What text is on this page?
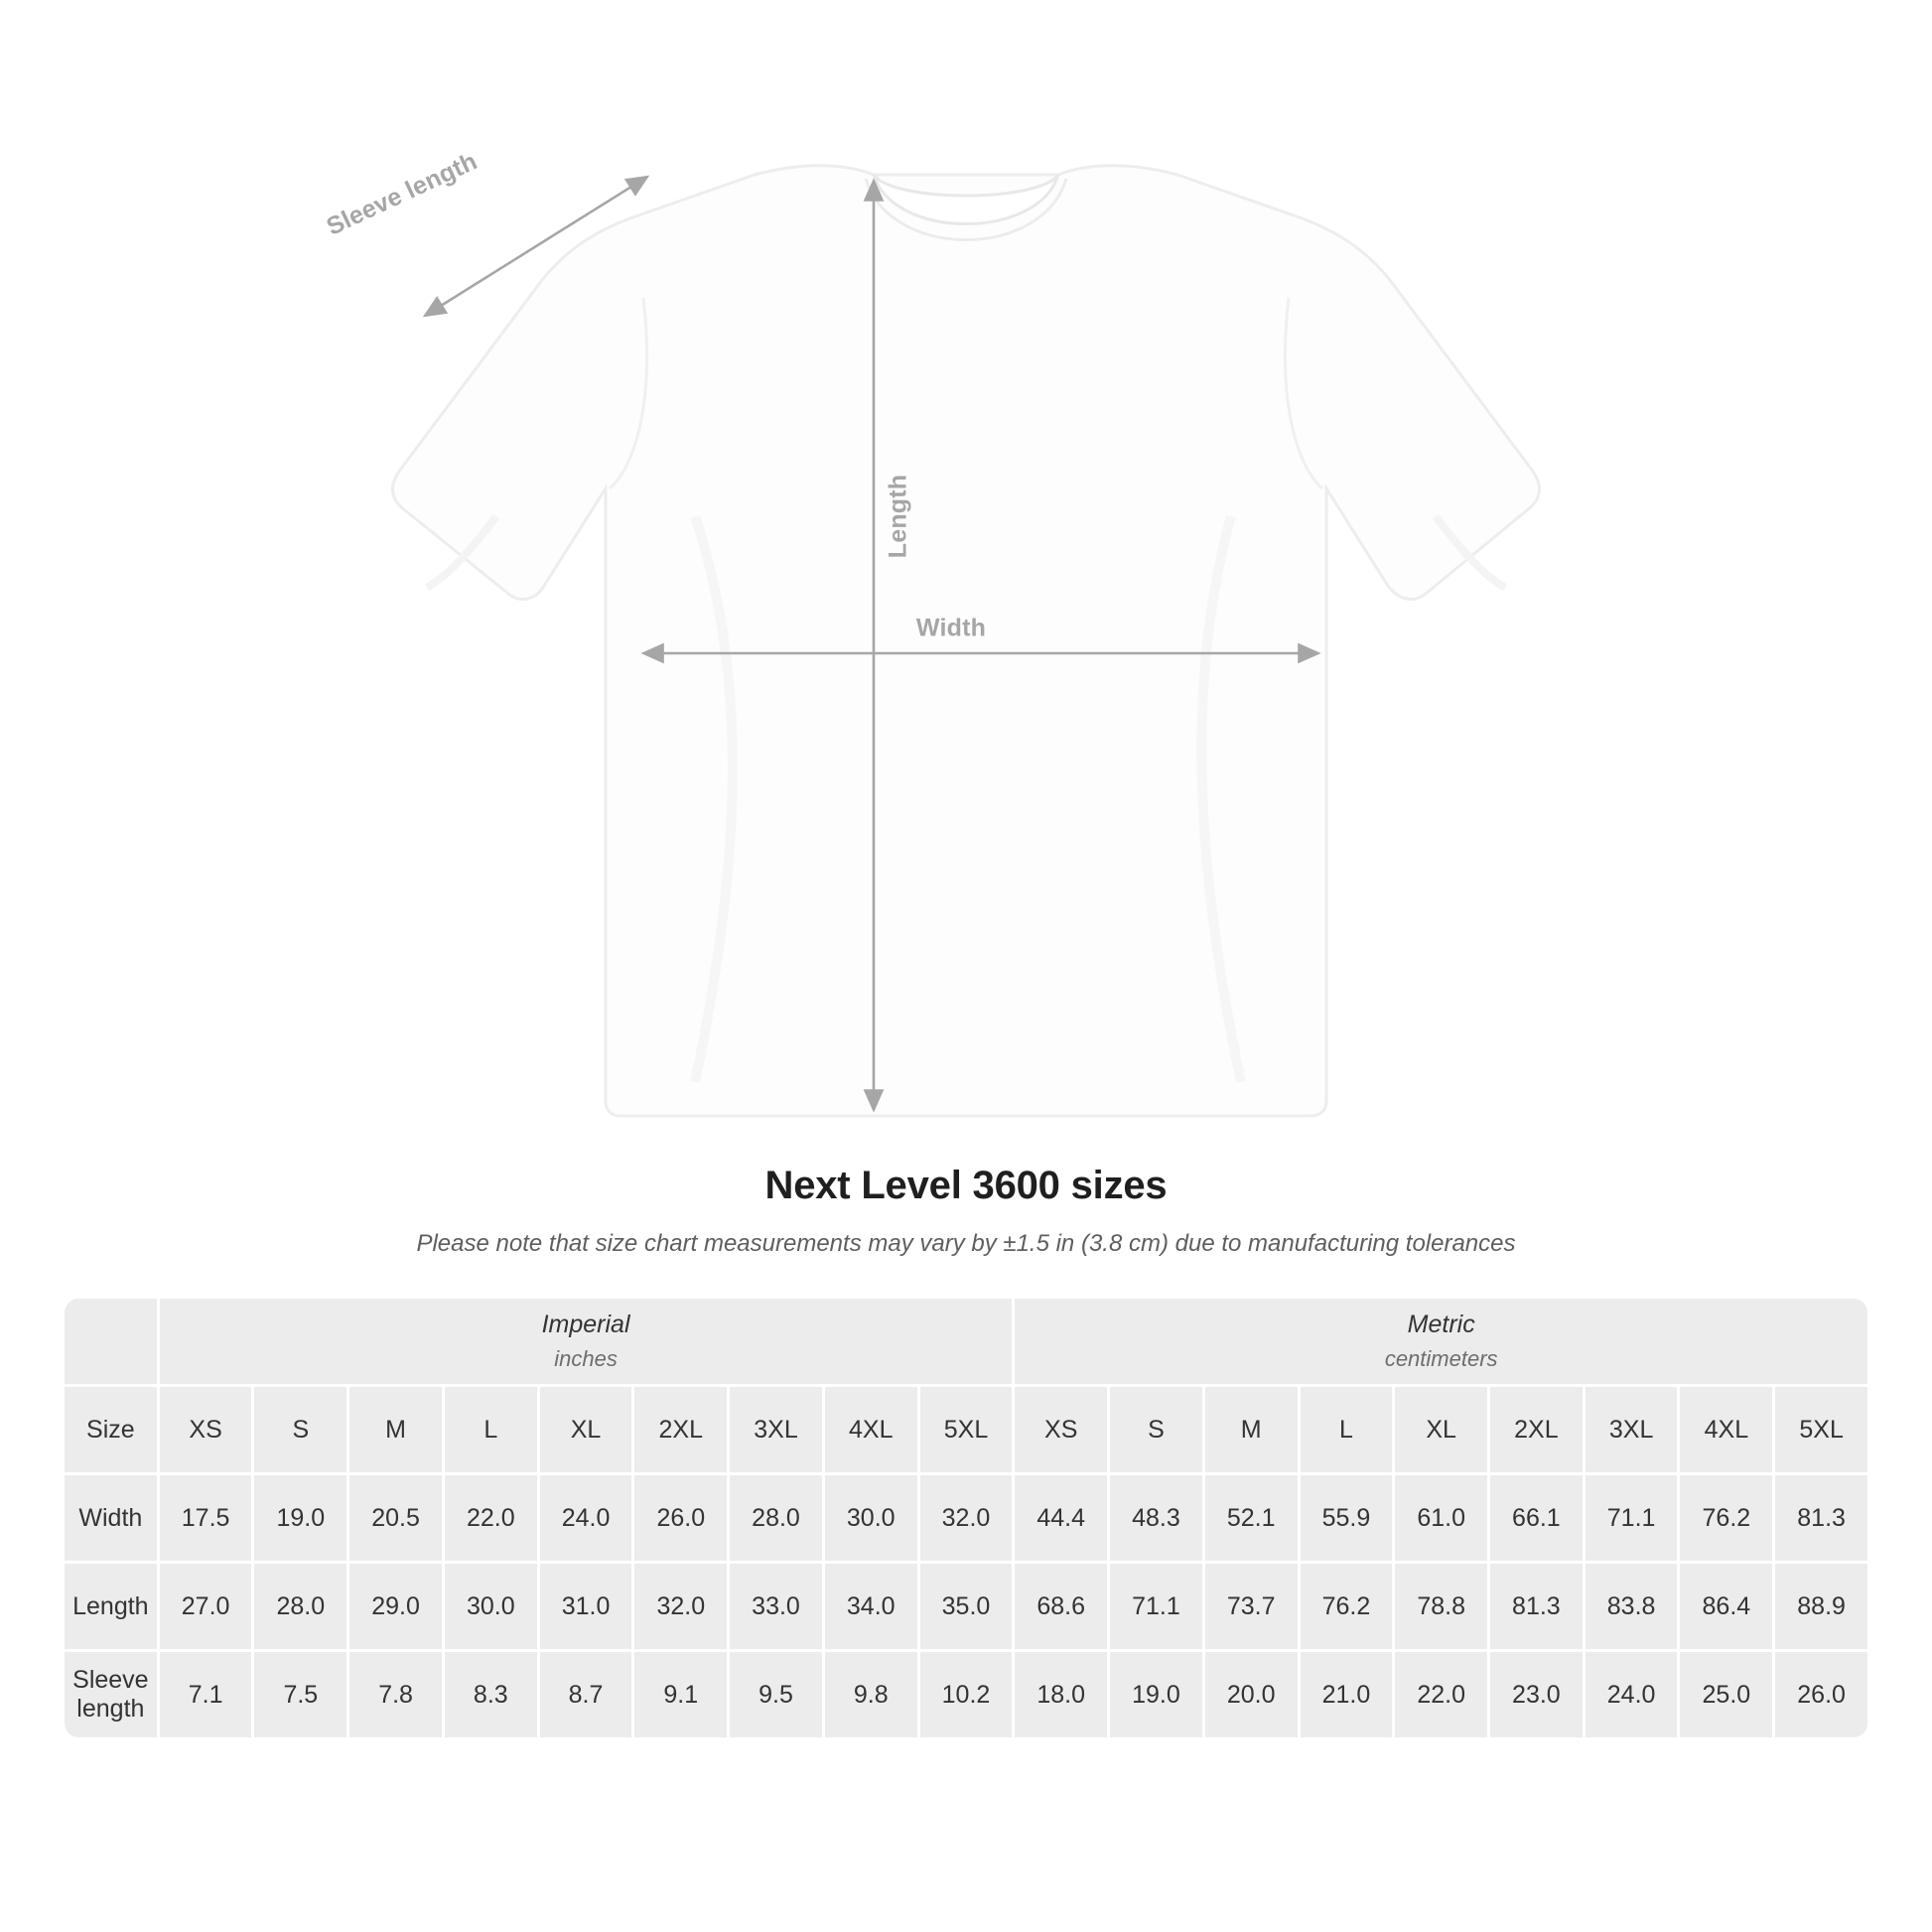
Sleeve length
Length
Width
Next Level 3600 sizes
Please note that size chart measurements may vary by ±1.5 in (3.8 cm) due to manufacturing tolerances
	Imperial
inches									Metric
centimeters								

Size	XS	S	M	L	XL	2XL	3XL	4XL	5XL	XS	S	M	L	XL	2XL	3XL	4XL	5XL
Width	17.5	19.0	20.5	22.0	24.0	26.0	28.0	30.0	32.0	44.4	48.3	52.1	55.9	61.0	66.1	71.1	76.2	81.3
Length	27.0	28.0	29.0	30.0	31.0	32.0	33.0	34.0	35.0	68.6	71.1	73.7	76.2	78.8	81.3	83.8	86.4	88.9
Sleeve length	7.1	7.5	7.8	8.3	8.7	9.1	9.5	9.8	10.2	18.0	19.0	20.0	21.0	22.0	23.0	24.0	25.0	26.0
